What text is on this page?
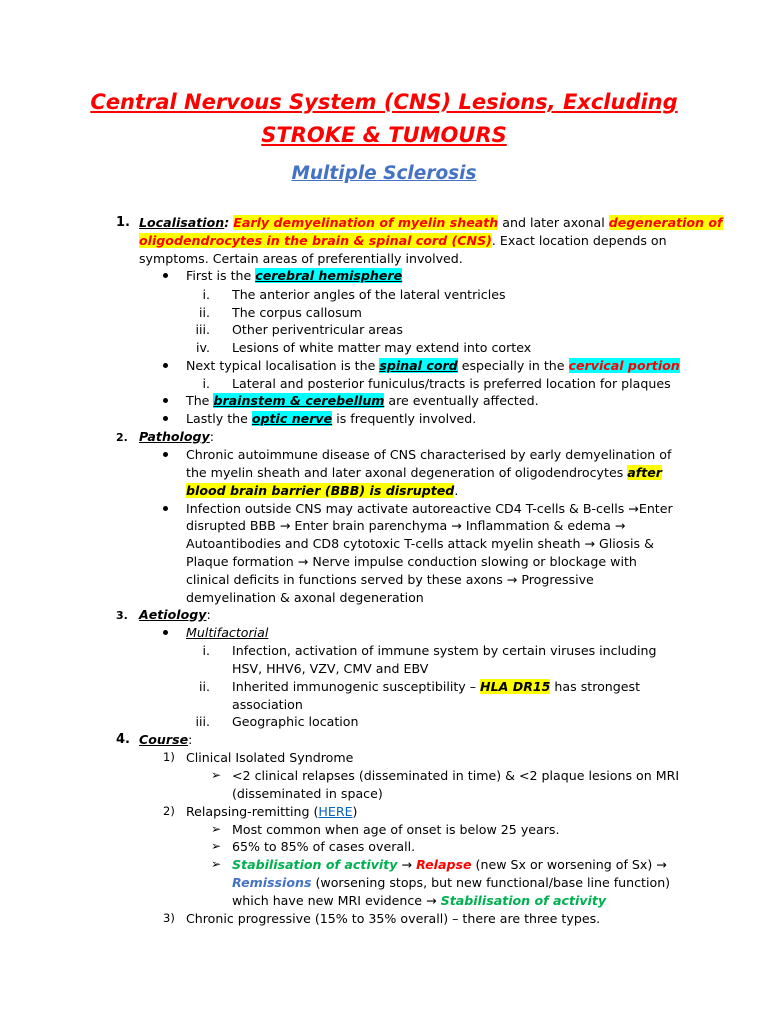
Central Nervous System (CNS) Lesions, Excluding
STROKE & TUMOURS
Multiple Sclerosis
1. Localisation: Early demyelination of myelin sheath and later axonal degeneration of
oligodendrocytes in the brain & spinal cord (CNS). Exact location depends on
symptoms. Certain areas of preferentially involved.
First is the cerebral hemisphere
i. The anterior angles of the lateral ventricles
ii. The corpus callosum
iii. Other periventricular areas
iv. Lesions of white matter may extend into cortex
Next typical localisation is the spinal cord especially in the cervical portion
i. Lateral and posterior funiculus/tracts is preferred location for plaques
The brainstem & cerebellum are eventually affected.
Lastly the optic nerve is frequently involved.
2. Pathology:
Chronic autoimmune disease of CNS characterised by early demyelination of
the myelin sheath and later axonal degeneration of oligodendrocytes after
blood brain barrier (BBB) is disrupted.
Infection outside CNS may activate autoreactive CD4 T-cells & B-cells →Enter
disrupted BBB → Enter brain parenchyma → Inflammation & edema →
Autoantibodies and CD8 cytotoxic T-cells attack myelin sheath → Gliosis &
Plaque formation → Nerve impulse conduction slowing or blockage with
clinical deficits in functions served by these axons → Progressive
demyelination & axonal degeneration
3. Aetiology:
Multifactorial
i. Infection, activation of immune system by certain viruses including
HSV, HHV6, VZV, CMV and EBV
ii. Inherited immunogenic susceptibility – HLA DR15 has strongest
association
iii. Geographic location
4. Course:
1) Clinical Isolated Syndrome
➢ <2 clinical relapses (disseminated in time) & <2 plaque lesions on MRI
(disseminated in space)
2) Relapsing-remitting (HERE)
➢ Most common when age of onset is below 25 years.
➢ 65% to 85% of cases overall.
➢ Stabilisation of activity → Relapse (new Sx or worsening of Sx) →
Remissions (worsening stops, but new functional/base line function)
which have new MRI evidence → Stabilisation of activity
3) Chronic progressive (15% to 35% overall) – there are three types.
